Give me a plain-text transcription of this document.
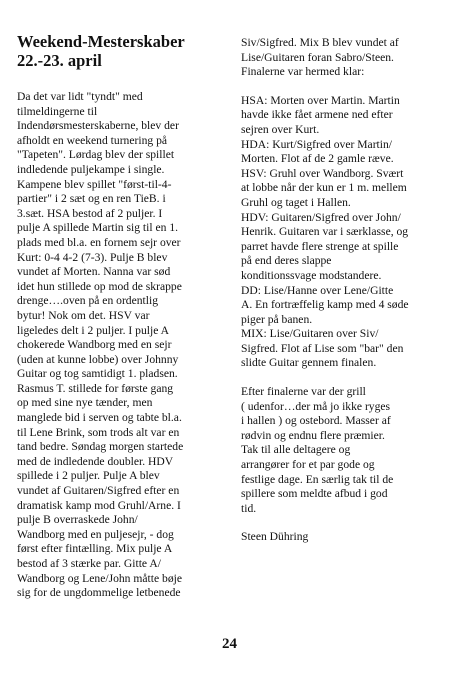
Weekend-Mesterskaber
22.-23. april
Da det var lidt "tyndt" med
tilmeldingerne til
Indendørsmesterskaberne, blev der
afholdt en weekend turnering på
"Tapeten". Lørdag blev der spillet
indledende puljekampe i single.
Kampene blev spillet "først-til-4-
partier" i 2 sæt og en ren TieB. i
3.sæt. HSA bestod af 2 puljer. I
pulje A spillede Martin sig til en 1.
plads med bl.a. en fornem sejr over
Kurt: 0-4 4-2 (7-3). Pulje B blev
vundet af Morten. Nanna var sød
idet hun stillede op mod de skrappe
drenge….oven på en ordentlig
bytur! Nok om det. HSV var
ligeledes delt i 2 puljer. I pulje A
chokerede Wandborg med en sejr
(uden at kunne lobbe) over Johnny
Guitar og tog samtidigt 1. pladsen.
Rasmus T. stillede for første gang
op med sine nye tænder, men
manglede bid i serven og tabte bl.a.
til Lene Brink, som trods alt var en
tand bedre. Søndag morgen startede
med de indledende doubler. HDV
spillede i 2 puljer. Pulje A blev
vundet af Guitaren/Sigfred efter en
dramatisk kamp mod Gruhl/Arne. I
pulje B overraskede John/
Wandborg med en puljesejr, - dog
først efter fintælling. Mix pulje A
bestod af 3 stærke par. Gitte A/
Wandborg og Lene/John måtte bøje
sig for de ungdommelige letbenede
Siv/Sigfred. Mix B blev vundet af
Lise/Guitaren foran Sabro/Steen.
Finalerne var hermed klar:
HSA: Morten over Martin. Martin
havde ikke fået armene ned efter
sejren over Kurt.
HDA: Kurt/Sigfred over Martin/
Morten. Flot af de 2 gamle ræve.
HSV: Gruhl over Wandborg. Svært
at lobbe når der kun er 1 m. mellem
Gruhl og taget i Hallen.
HDV: Guitaren/Sigfred over John/
Henrik. Guitaren var i særklasse, og
parret havde flere strenge at spille
på end deres slappe
konditionssvage modstandere.
DD: Lise/Hanne over Lene/Gitte
A. En fortræffelig kamp med 4 søde
piger på banen.
MIX: Lise/Guitaren over Siv/
Sigfred. Flot af Lise som "bar" den
slidte Guitar gennem finalen.
Efter finalerne var der grill
( udenfor…der må jo ikke ryges
i hallen ) og ostebord. Masser af
rødvin og endnu flere præmier.
Tak til alle deltagere og
arrangører for et par gode og
festlige dage. En særlig tak til de
spillere som meldte afbud i god
tid.
Steen Dühring
24
